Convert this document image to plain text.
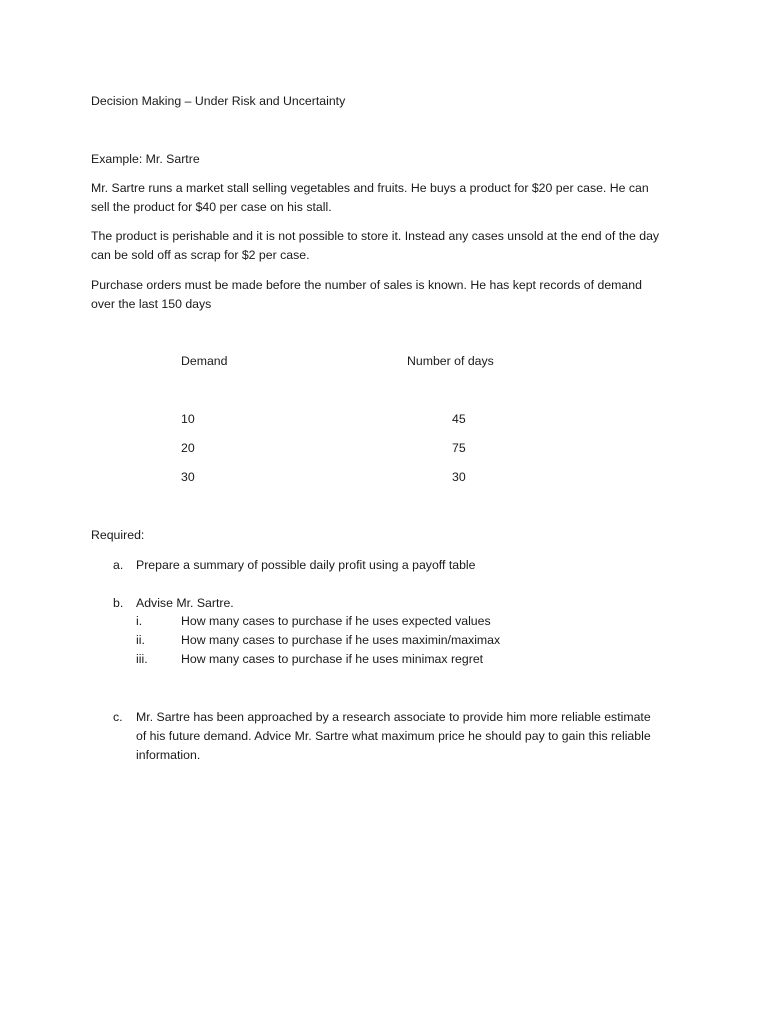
Decision Making – Under Risk and Uncertainty
Example: Mr. Sartre
Mr. Sartre runs a market stall selling vegetables and fruits. He buys a product for $20 per case. He can
sell the product for $40 per case on his stall.
The product is perishable and it is not possible to store it. Instead any cases unsold at the end of the day
can be sold off as scrap for $2 per case.
Purchase orders must be made before the number of sales is known. He has kept records of demand
over the last 150 days
Demand	Number of days
10	45
20	75
30	30
Required:
a. Prepare a summary of possible daily profit using a payoff table
b. Advise Mr. Sartre.
i.	How many cases to purchase if he uses expected values
ii.	How many cases to purchase if he uses maximin/maximax
iii.	How many cases to purchase if he uses minimax regret
c. Mr. Sartre has been approached by a research associate to provide him more reliable estimate
of his future demand. Advice Mr. Sartre what maximum price he should pay to gain this reliable
information.
